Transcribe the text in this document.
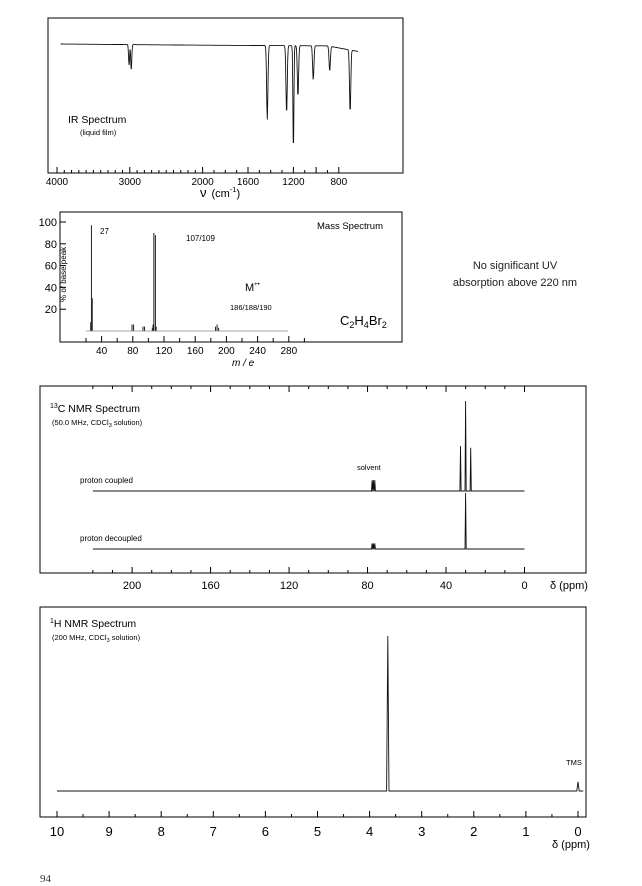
IR Spectrum
(liquid film)
4000	3000	2000 1600 1200	800
ν $(cm^{-1})$
100
80
60
40
20
% of base peak
Mass Spectrum
27
107/109
M+•
186/188/190
$C_2H_4Br_2$
40 80 120 160 200 240 280
m / e
$^{13}$C NMR Spectrum
(50.0 MHz, CDCl$_3$ solution)
proton coupled
proton decoupled
solvent
200	160	120	80	40	0 δ (ppm)
$^1$H NMR Spectrum
(200 MHz, CDCl$_3$ solution)
TMS
10	9	8	7	6	5	4	3	2	1	0
δ (ppm)
No significant UV
absorption above 220 nm
94
